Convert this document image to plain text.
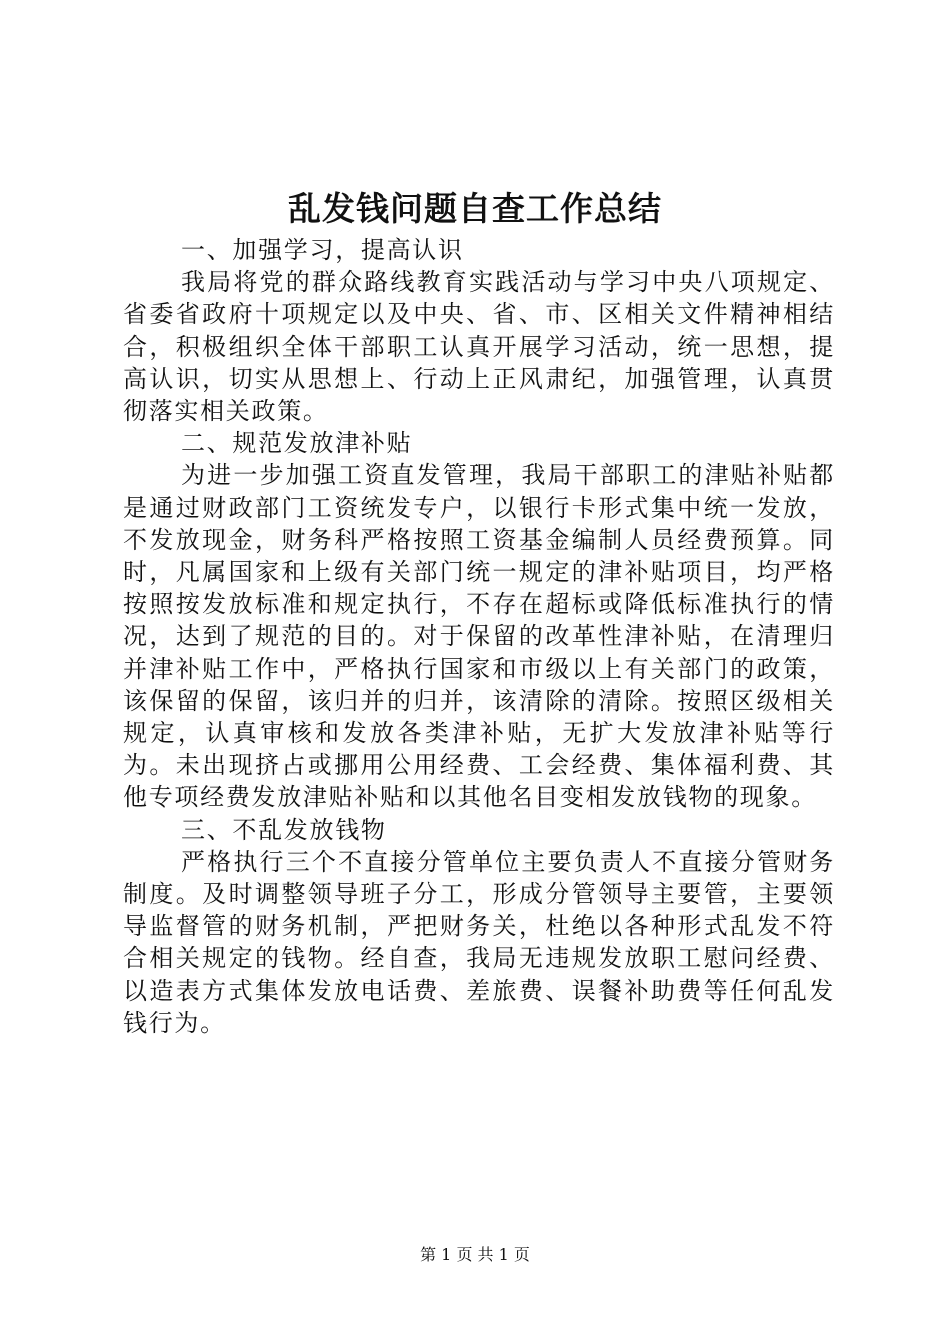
乱发钱问题自查工作总结

一、加强学习，提高认识

我局将党的群众路线教育实践活动与学习中央八项规定、省委省政府十项规定以及中央、省、市、区相关文件精神相结合，积极组织全体干部职工认真开展学习活动，统一思想，提高认识，切实从思想上、行动上正风肃纪，加强管理，认真贯彻落实相关政策。

二、规范发放津补贴

为进一步加强工资直发管理，我局干部职工的津贴补贴都是通过财政部门工资统发专户，以银行卡形式集中统一发放，不发放现金，财务科严格按照工资基金编制人员经费预算。同时，凡属国家和上级有关部门统一规定的津补贴项目，均严格按照按发放标准和规定执行，不存在超标或降低标准执行的情况，达到了规范的目的。对于保留的改革性津补贴，在清理归并津补贴工作中，严格执行国家和市级以上有关部门的政策，该保留的保留，该归并的归并，该清除的清除。按照区级相关规定，认真审核和发放各类津补贴，无扩大发放津补贴等行为。未出现挤占或挪用公用经费、工会经费、集体福利费、其他专项经费发放津贴补贴和以其他名目变相发放钱物的现象。

三、不乱发放钱物

严格执行三个不直接分管单位主要负责人不直接分管财务制度。及时调整领导班子分工，形成分管领导主要管，主要领导监督管的财务机制，严把财务关，杜绝以各种形式乱发不符合相关规定的钱物。经自查，我局无违规发放职工慰问经费、以造表方式集体发放电话费、差旅费、误餐补助费等任何乱发钱行为。

第 1 页 共 1 页
